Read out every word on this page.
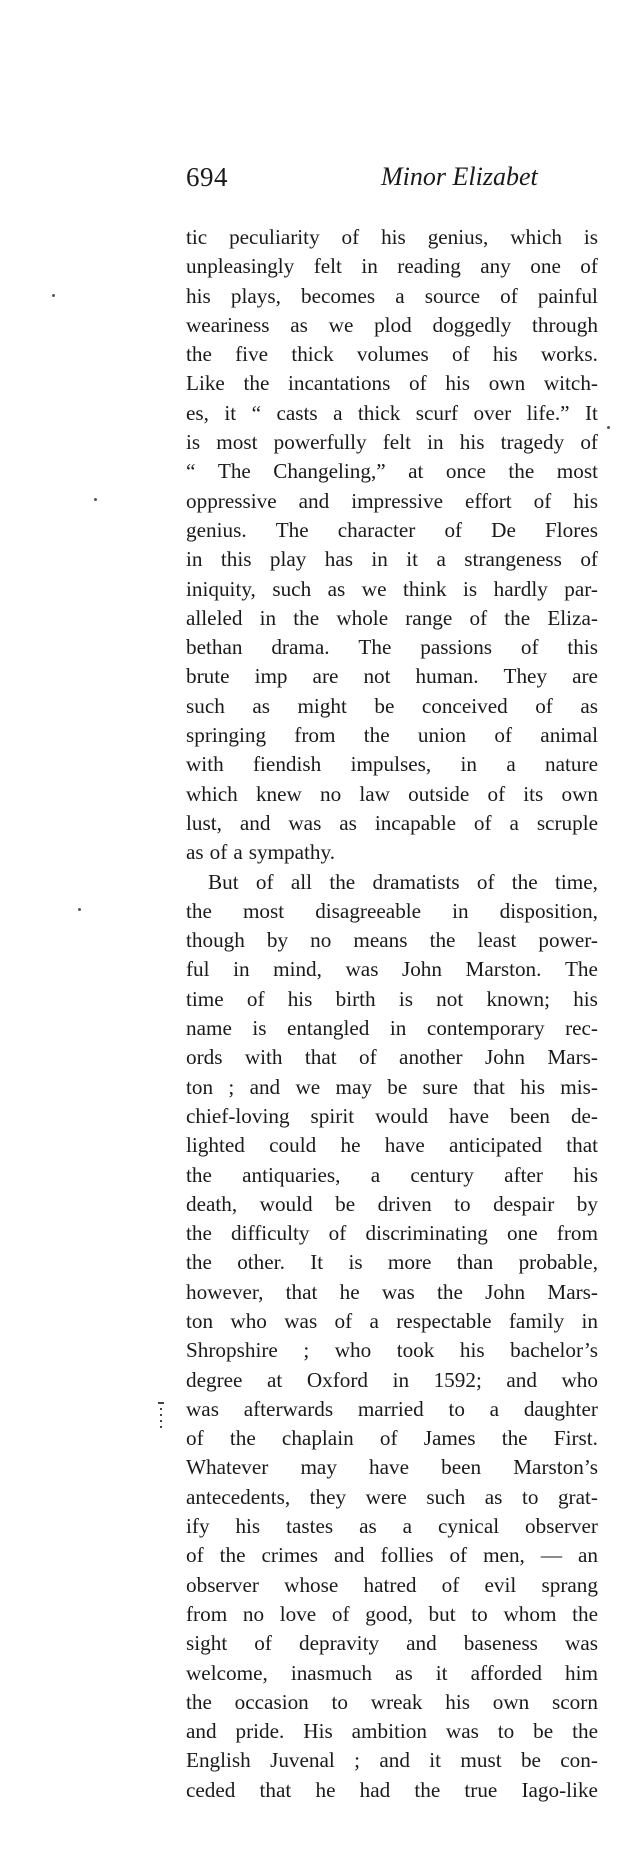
694	Minor Elizabet
tic peculiarity of his genius, which is
unpleasingly felt in reading any one of
his plays, becomes a source of painful
weariness as we plod doggedly through
the five thick volumes of his works.
Like the incantations of his own witch-
es, it “ casts a thick scurf over life.” It
is most powerfully felt in his tragedy of
“ The Changeling,” at once the most
oppressive and impressive effort of his
genius. The character of De Flores
in this play has in it a strangeness of
iniquity, such as we think is hardly par-
alleled in the whole range of the Eliza-
bethan drama. The passions of this
brute imp are not human. They are
such as might be conceived of as
springing from the union of animal
with fiendish impulses, in a nature
which knew no law outside of its own
lust, and was as incapable of a scruple
as of a sympathy.
But of all the dramatists of the time,
the most disagreeable in disposition,
though by no means the least power-
ful in mind, was John Marston. The
time of his birth is not known; his
name is entangled in contemporary rec-
ords with that of another John Mars-
ton ; and we may be sure that his mis-
chief-loving spirit would have been de-
lighted could he have anticipated that
the antiquaries, a century after his
death, would be driven to despair by
the difficulty of discriminating one from
the other. It is more than probable,
however, that he was the John Mars-
ton who was of a respectable family in
Shropshire ; who took his bachelor’s
degree at Oxford in 1592; and who
was afterwards married to a daughter
of the chaplain of James the First.
Whatever may have been Marston’s
antecedents, they were such as to grat-
ify his tastes as a cynical observer
of the crimes and follies of men, — an
observer whose hatred of evil sprang
from no love of good, but to whom the
sight of depravity and baseness was
welcome, inasmuch as it afforded him
the occasion to wreak his own scorn
and pride. His ambition was to be the
English Juvenal ; and it must be con-
ceded that he had the true Iago-like
